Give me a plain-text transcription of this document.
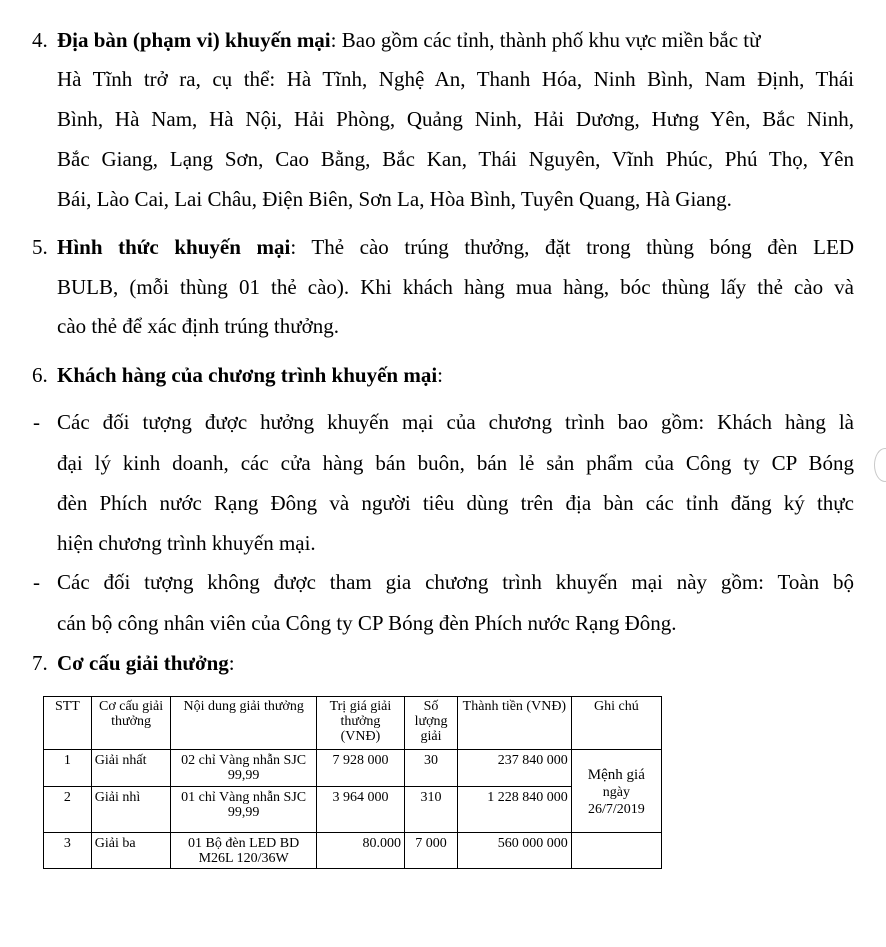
4. Địa bàn (phạm vi) khuyến mại: Bao gồm các tỉnh, thành phố khu vực miền bắc từ
Hà Tĩnh trở ra, cụ thể: Hà Tĩnh, Nghệ An, Thanh Hóa, Ninh Bình, Nam Định, Thái
Bình, Hà Nam, Hà Nội, Hải Phòng, Quảng Ninh, Hải Dương, Hưng Yên, Bắc Ninh,
Bắc Giang, Lạng Sơn, Cao Bằng, Bắc Kan, Thái Nguyên, Vĩnh Phúc, Phú Thọ, Yên
Bái, Lào Cai, Lai Châu, Điện Biên, Sơn La, Hòa Bình, Tuyên Quang, Hà Giang.
5. Hình thức khuyến mại: Thẻ cào trúng thưởng, đặt trong thùng bóng đèn LED
BULB, (mỗi thùng 01 thẻ cào). Khi khách hàng mua hàng, bóc thùng lấy thẻ cào và
cào thẻ để xác định trúng thưởng.
6. Khách hàng của chương trình khuyến mại:
- Các đối tượng được hưởng khuyến mại của chương trình bao gồm: Khách hàng là
đại lý kinh doanh, các cửa hàng bán buôn, bán lẻ sản phẩm của Công ty CP Bóng
đèn Phích nước Rạng Đông và người tiêu dùng trên địa bàn các tỉnh đăng ký thực
hiện chương trình khuyến mại.
- Các đối tượng không được tham gia chương trình khuyến mại này gồm: Toàn bộ
cán bộ công nhân viên của Công ty CP Bóng đèn Phích nước Rạng Đông.
7. Cơ cấu giải thưởng:
STT	Cơ cấu giải thưởng	Nội dung giải thưởng	Trị giá giải thưởng (VNĐ)	Số lượng giải	Thành tiền (VNĐ)	Ghi chú
1	Giải nhất	02 chỉ Vàng nhẫn SJC 99,99	7 928 000	30	237 840 000	Mệnh giá
ngày
26/7/2019

2	Giải nhì	01 chỉ Vàng nhẫn SJC 99,99	3 964 000	310	1 228 840 000	
3	Giải ba	01 Bộ đèn LED BD M26L 120/36W	80.000	7 000	560 000 000	
